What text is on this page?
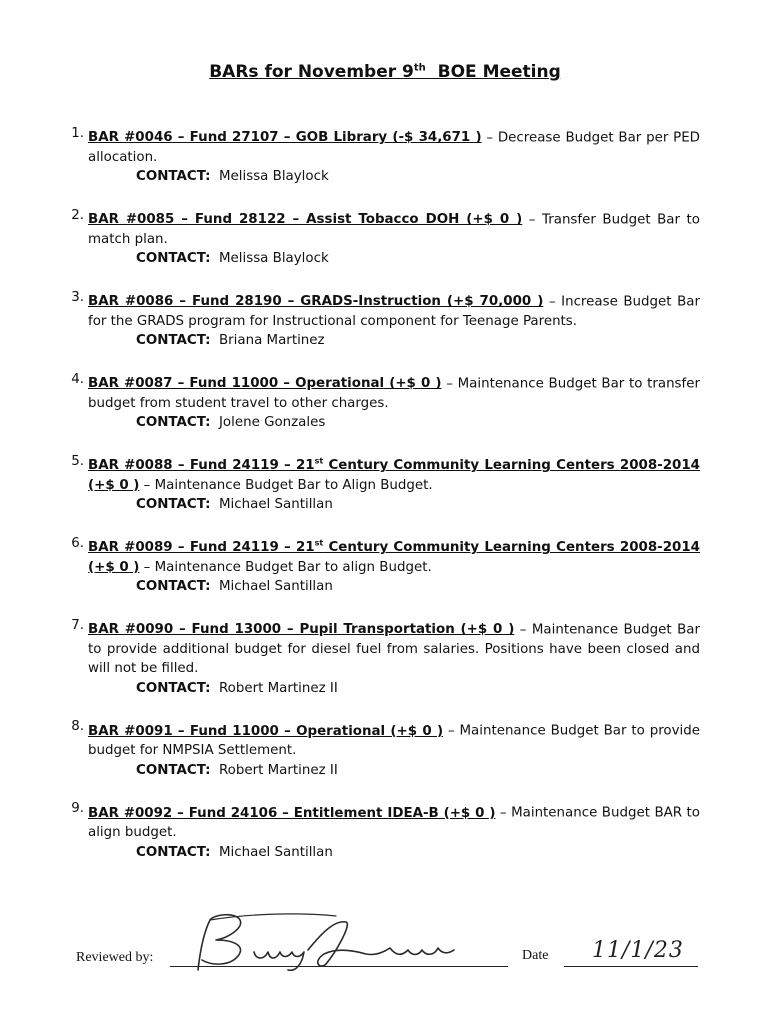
BARs for November 9th  BOE Meeting
1. BAR #0046 – Fund 27107 – GOB Library (-$ 34,671 ) – Decrease Budget Bar per PED allocation.

CONTACT: Melissa Blaylock

2. BAR #0085 – Fund 28122 – Assist Tobacco DOH (+$ 0 ) – Transfer Budget Bar to match plan.

CONTACT: Melissa Blaylock

3. BAR #0086 – Fund 28190 – GRADS-Instruction (+$ 70,000 ) – Increase Budget Bar for the GRADS program for Instructional component for Teenage Parents.

CONTACT: Briana Martinez

4. BAR #0087 – Fund 11000 – Operational (+$ 0 ) – Maintenance Budget Bar to transfer budget from student travel to other charges.

CONTACT: Jolene Gonzales

5. BAR #0088 – Fund 24119 – 21st Century Community Learning Centers 2008-2014 (+$ 0 ) – Maintenance Budget Bar to Align Budget.

CONTACT: Michael Santillan

6. BAR #0089 – Fund 24119 – 21st Century Community Learning Centers 2008-2014 (+$ 0 ) – Maintenance Budget Bar to align Budget.

CONTACT: Michael Santillan

7. BAR #0090 – Fund 13000 – Pupil Transportation (+$ 0 ) – Maintenance Budget Bar to provide additional budget for diesel fuel from salaries. Positions have been closed and will not be filled.

CONTACT: Robert Martinez II

8. BAR #0091 – Fund 11000 – Operational (+$ 0 ) – Maintenance Budget Bar to provide budget for NMPSIA Settlement.

CONTACT: Robert Martinez II

9. BAR #0092 – Fund 24106 – Entitlement IDEA-B (+$ 0 ) – Maintenance Budget BAR to align budget.

CONTACT: Michael Santillan

Reviewed by:	Date 11/1/23
